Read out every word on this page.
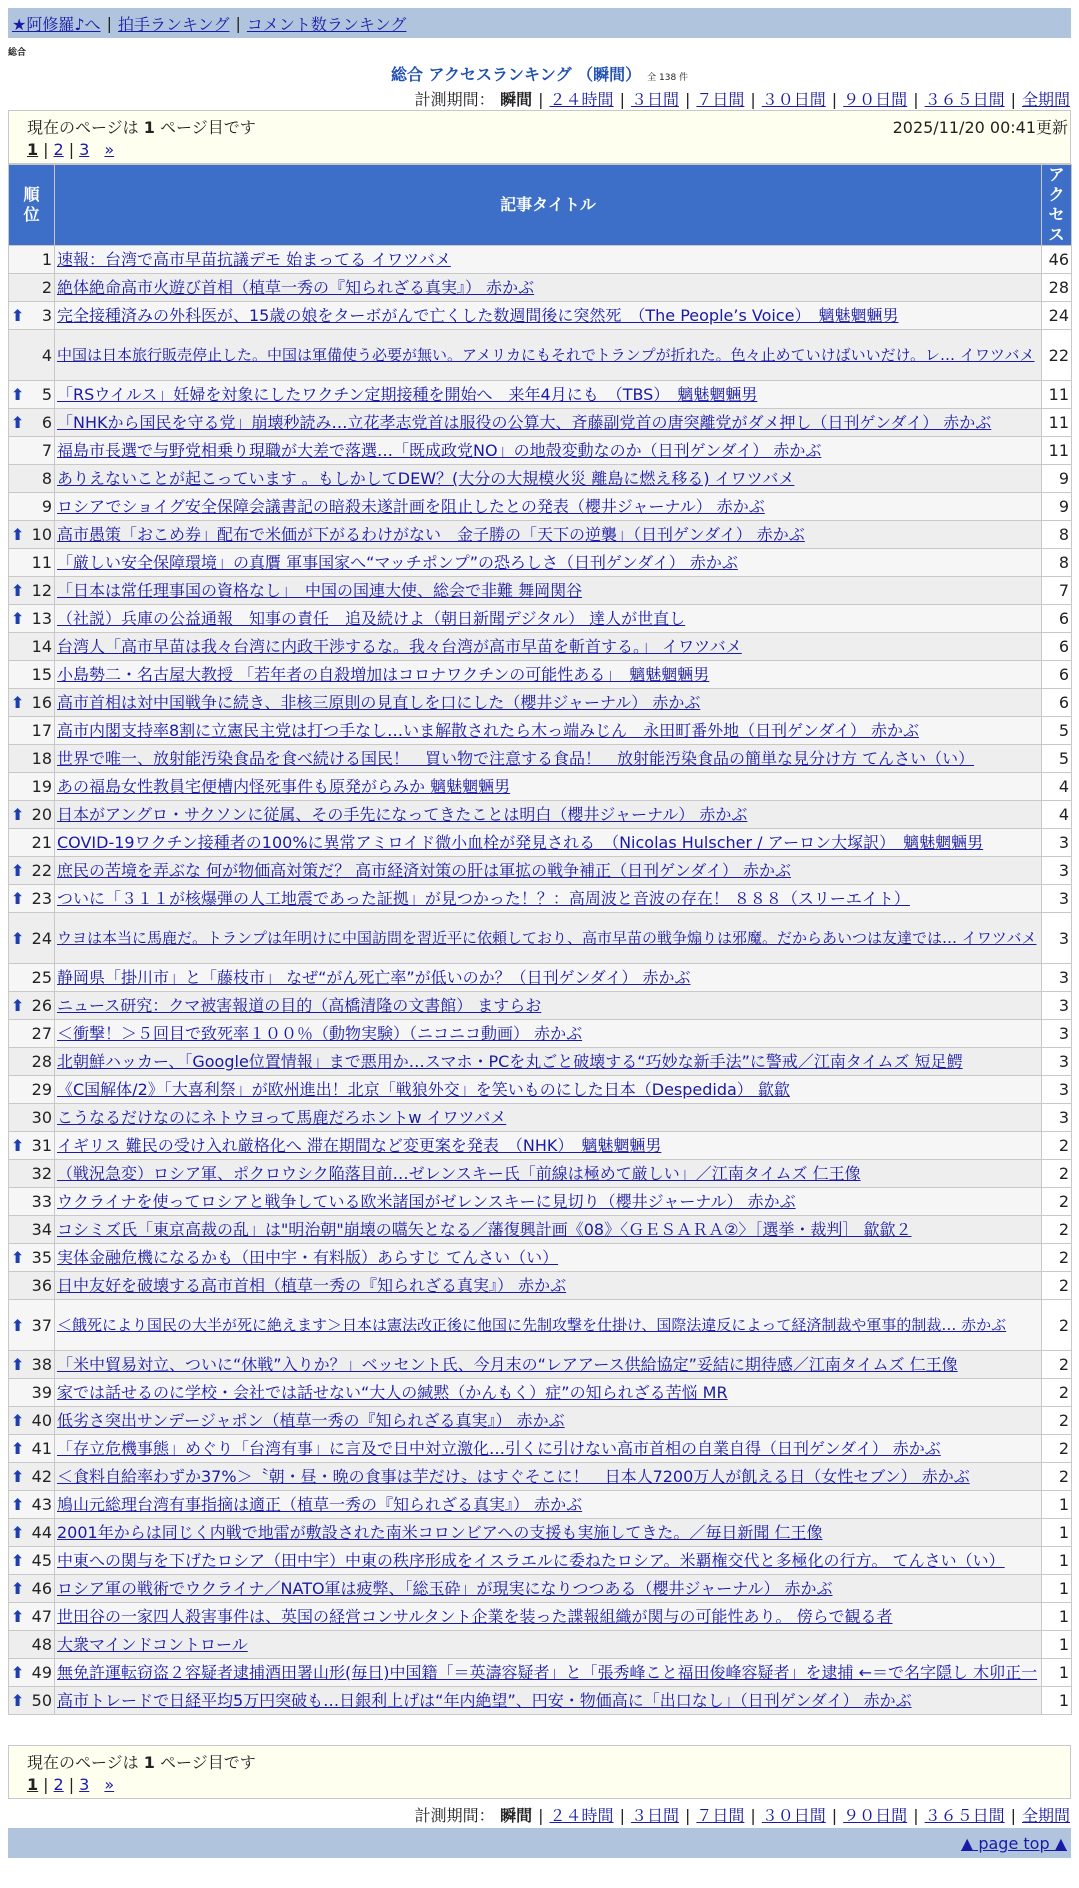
★阿修羅♪へ | 拍手ランキング | コメント数ランキング
総合
総合 アクセスランキング （瞬間） 全 138 件
計測期間： 瞬間 | ２４時間 | ３日間 | ７日間 | ３０日間 | ９０日間 | ３６５日間 | 全期間
現在のページは 1 ページ目です	2025/11/20 00:41更新
1 | 2 | 3 »
順
位	記事タイトル	アク
セス
1	速報：台湾で高市早苗抗議デモ 始まってる イワツバメ	46
2	絶体絶命高市火遊び首相（植草一秀の『知られざる真実』） 赤かぶ	28

⬆ 3	完全接種済みの外科医が、15歳の娘をターボがんで亡くした数週間後に突然死　（The People’s Voice）　魑魅魍魎男	24
4	中国は日本旅行販売停止した。中国は軍備使う必要が無い。アメリカにもそれでトランプが折れた。色々止めていけばいいだけ。レ… イワツバメ	22

⬆ 5	「RSウイルス」妊婦を対象にしたワクチン定期接種を開始へ　来年4月にも　（TBS）　魑魅魍魎男	11

⬆ 6	「NHKから国民を守る党」崩壊秒読み…立花孝志党首は服役の公算大、斉藤副党首の唐突離党がダメ押し（日刊ゲンダイ） 赤かぶ	11
7	福島市長選で与野党相乗り現職が大差で落選…「既成政党NO」の地殻変動なのか（日刊ゲンダイ） 赤かぶ	11
8	ありえないことが起こっています 。もしかしてDEW？(大分の大規模火災 離島に燃え移る) イワツバメ	9
9	ロシアでショイグ安全保障会議書記の暗殺未遂計画を阻止したとの発表（櫻井ジャーナル） 赤かぶ	9

⬆ 10	高市愚策「おこめ券」配布で米価が下がるわけがない　金子勝の「天下の逆襲」（日刊ゲンダイ） 赤かぶ	8
11	「厳しい安全保障環境」の真贋 軍事国家へ“マッチポンプ”の恐ろしさ（日刊ゲンダイ） 赤かぶ	8

⬆ 12	「日本は常任理事国の資格なし」　中国の国連大使、総会で非難 舞岡関谷	7

⬆ 13	（社説）兵庫の公益通報　知事の責任　追及続けよ（朝日新聞デジタル） 達人が世直し	6
14	台湾人「高市早苗は我々台湾に内政干渉するな。我々台湾が高市早苗を斬首する。」 イワツバメ	6
15	小島勢二・名古屋大教授 「若年者の自殺増加はコロナワクチンの可能性ある」　魑魅魍魎男	6

⬆ 16	高市首相は対中国戦争に続き、非核三原則の見直しを口にした（櫻井ジャーナル） 赤かぶ	6
17	高市内閣支持率8割に立憲民主党は打つ手なし…いま解散されたら木っ端みじん　永田町番外地（日刊ゲンダイ） 赤かぶ	5
18	世界で唯一、放射能汚染食品を食べ続ける国民！　買い物で注意する食品！　放射能汚染食品の簡単な見分け方 てんさい（い）	5
19	あの福島女性教員宅便槽内怪死事件も原発がらみか 魑魅魍魎男	4

⬆ 20	日本がアングロ・サクソンに従属、その手先になってきたことは明白（櫻井ジャーナル） 赤かぶ	4
21	COVID-19ワクチン接種者の100%に異常アミロイド微小血栓が発見される　（Nicolas Hulscher / アーロン大塚訳）　魑魅魍魎男	3

⬆ 22	庶民の苦境を弄ぶな 何が物価高対策だ？ 高市経済対策の肝は軍拡の戦争補正（日刊ゲンダイ） 赤かぶ	3

⬆ 23	ついに「３１１が核爆弾の人工地震であった証拠」が見つかった！？：高周波と音波の存在！ ８８８（スリーエイト）	3

⬆ 24	ウヨは本当に馬鹿だ。トランプは年明けに中国訪問を習近平に依頼しており、高市早苗の戦争煽りは邪魔。だからあいつは友達では… イワツバメ	3
25	静岡県「掛川市」と「藤枝市」 なぜ“がん死亡率”が低いのか？（日刊ゲンダイ） 赤かぶ	3

⬆ 26	ニュース研究：クマ被害報道の目的（高橋清隆の文書館） ますらお	3
27	＜衝撃！＞５回目で致死率１００％（動物実験）（ニコニコ動画） 赤かぶ	3
28	北朝鮮ハッカー、「Google位置情報」まで悪用か…スマホ・PCを丸ごと破壊する“巧妙な新手法”に警戒／江南タイムズ 短足鰐	3
29	《C国解体/2》「大喜利祭」が欧州進出！北京「戦狼外交」を笑いものにした日本（Despedida） 歙歙	3
30	こうなるだけなのにネトウヨって馬鹿だろホントw イワツバメ	3

⬆ 31	イギリス 難民の受け入れ厳格化へ 滞在期間など変更案を発表　（NHK）　魑魅魍魎男	2
32	（戦況急変）ロシア軍、ポクロウシク陥落目前…ゼレンスキー氏「前線は極めて厳しい」／江南タイムズ 仁王像	2
33	ウクライナを使ってロシアと戦争している欧米諸国がゼレンスキーに見切り（櫻井ジャーナル） 赤かぶ	2
34	コシミズ氏「東京高裁の乱」は"明治朝"崩壊の嚆矢となる／藩復興計画《08》〈ＧＥＳＡＲＡ②〉［選挙・裁判］ 歙歙２	2

⬆ 35	実体金融危機になるかも（田中宇・有料版）あらすじ てんさい（い）	2
36	日中友好を破壊する高市首相（植草一秀の『知られざる真実』） 赤かぶ	2

⬆ 37	＜餓死により国民の大半が死に絶えます＞日本は憲法改正後に他国に先制攻撃を仕掛け、国際法違反によって経済制裁や軍事的制裁… 赤かぶ	2

⬆ 38	「米中貿易対立、ついに“休戦”入りか？」ベッセント氏、今月末の“レアアース供給協定”妥結に期待感／江南タイムズ 仁王像	2
39	家では話せるのに学校・会社では話せない“大人の緘黙（かんもく）症”の知られざる苦悩 MR	2

⬆ 40	低劣さ突出サンデージャポン（植草一秀の『知られざる真実』） 赤かぶ	2

⬆ 41	「存立危機事態」めぐり「台湾有事」に言及で日中対立激化…引くに引けない高市首相の自業自得（日刊ゲンダイ） 赤かぶ	2

⬆ 42	＜食料自給率わずか37%＞〝朝・昼・晩の食事は芋だけ〟はすぐそこに！　日本人7200万人が飢える日（女性セブン） 赤かぶ	2

⬆ 43	鳩山元総理台湾有事指摘は適正（植草一秀の『知られざる真実』） 赤かぶ	1

⬆ 44	2001年からは同じく内戦で地雷が敷設された南米コロンビアへの支援も実施してきた。／毎日新聞 仁王像	1

⬆ 45	中東への関与を下げたロシア（田中宇）中東の秩序形成をイスラエルに委ねたロシア。米覇権交代と多極化の行方。 てんさい（い）	1

⬆ 46	ロシア軍の戦術でウクライナ／NATO軍は疲弊、「総玉砕」が現実になりつつある（櫻井ジャーナル） 赤かぶ	1

⬆ 47	世田谷の一家四人殺害事件は、英国の経営コンサルタント企業を装った諜報組織が関与の可能性あり。 傍らで観る者	1
48	大衆マインドコントロール	1

⬆ 49	無免許運転窃盗２容疑者逮捕酒田署山形(毎日)中国籍「＝英濤容疑者」と「張秀峰こと福田俊峰容疑者」を逮捕 ←＝で名字隠し 木卯正一	1

⬆ 50	高市トレードで日経平均5万円突破も…日銀利上げは“年内絶望”、円安・物価高に「出口なし」（日刊ゲンダイ） 赤かぶ	1
現在のページは 1 ページ目です
1 | 2 | 3 »
計測期間： 瞬間 | ２４時間 | ３日間 | ７日間 | ３０日間 | ９０日間 | ３６５日間 | 全期間
▲ page top ▲
